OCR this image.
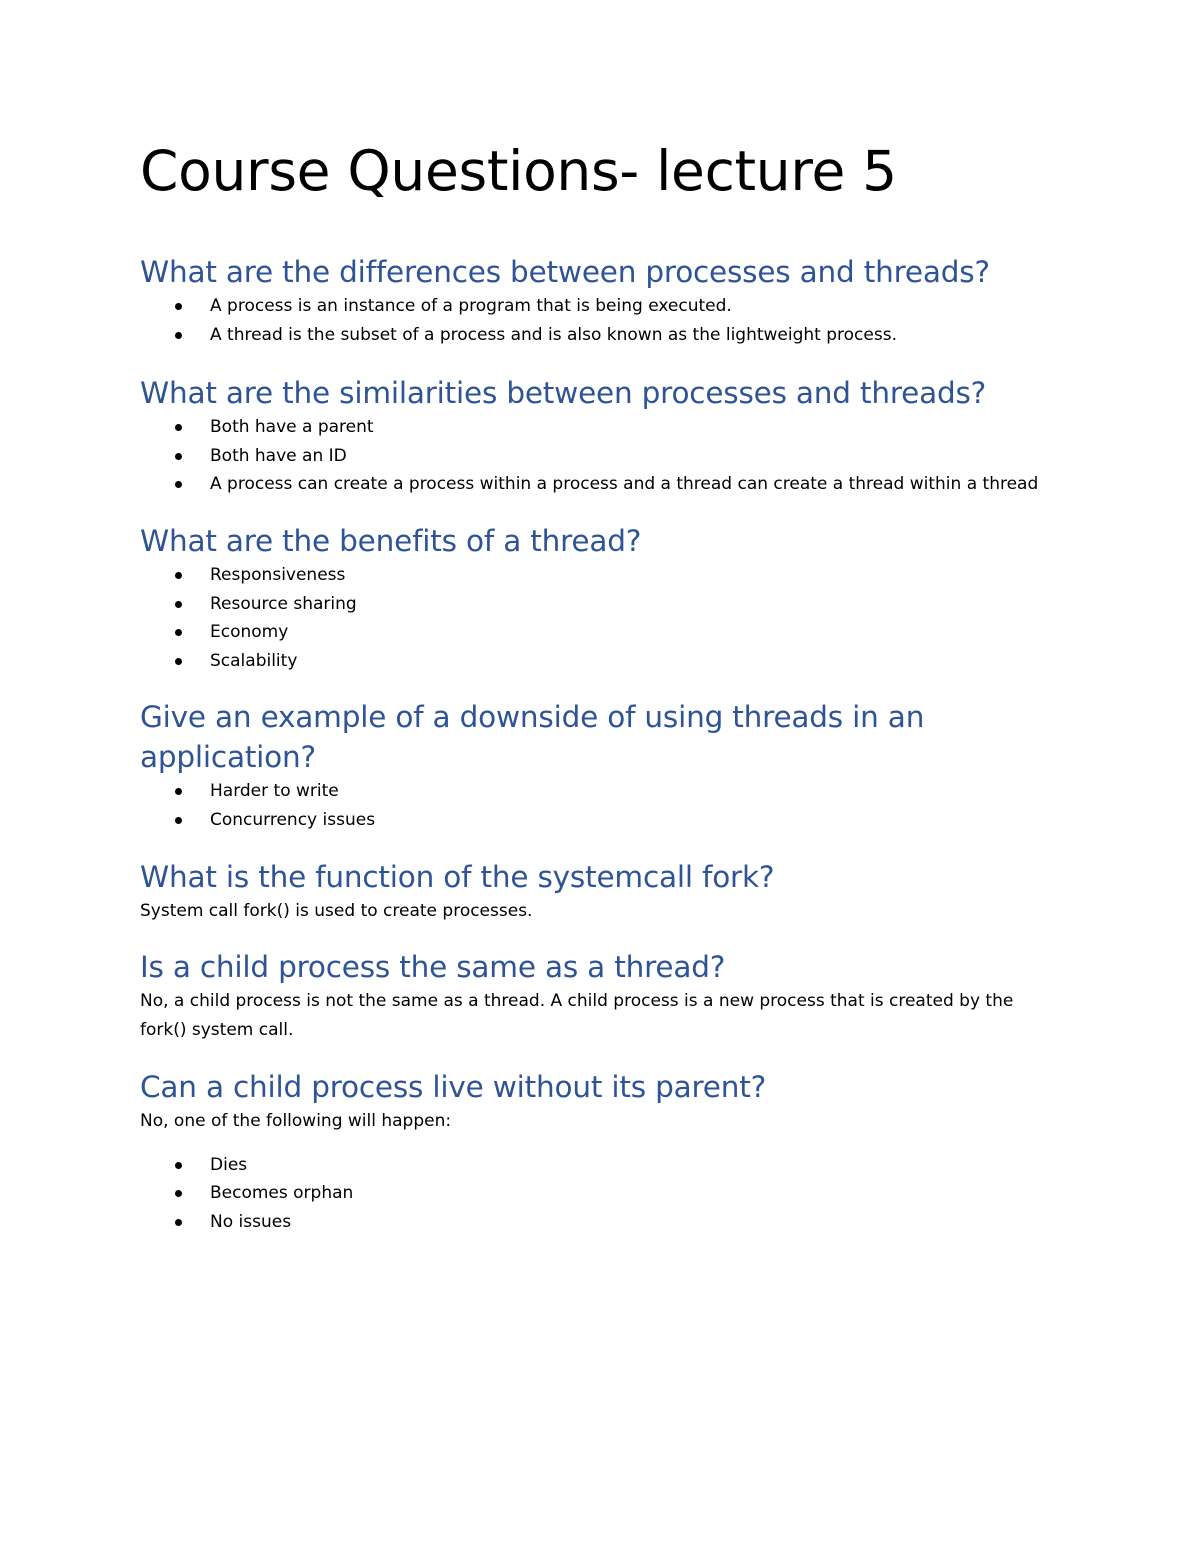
Course Questions- lecture 5
What are the differences between processes and threads?
A process is an instance of a program that is being executed.
A thread is the subset of a process and is also known as the lightweight process.
What are the similarities between processes and threads?
Both have a parent
Both have an ID
A process can create a process within a process and a thread can create a thread within a thread
What are the benefits of a thread?
Responsiveness
Resource sharing
Economy
Scalability
Give an example of a downside of using threads in an application?
Harder to write
Concurrency issues
What is the function of the systemcall fork?

System call fork() is used to create processes.

Is a child process the same as a thread?

No, a child process is not the same as a thread. A child process is a new process that is created by the fork() system call.

Can a child process live without its parent?

No, one of the following will happen:

Dies
Becomes orphan
No issues
